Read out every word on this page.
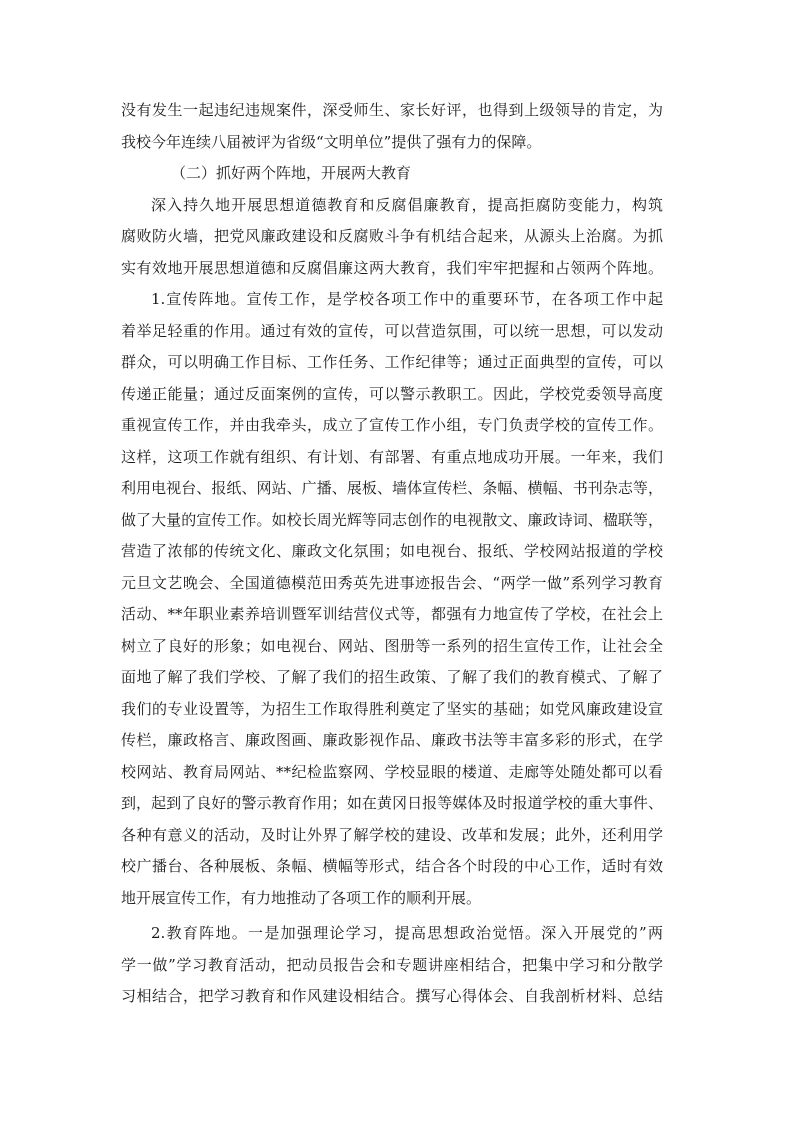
没有发生一起违纪违规案件，深受师生、家长好评，也得到上级领导的肯定，为
我校今年连续八届被评为省级“文明单位”提供了强有力的保障。
（二）抓好两个阵地，开展两大教育
深入持久地开展思想道德教育和反腐倡廉教育，提高拒腐防变能力，构筑
腐败防火墙，把党风廉政建设和反腐败斗争有机结合起来，从源头上治腐。为抓
实有效地开展思想道德和反腐倡廉这两大教育，我们牢牢把握和占领两个阵地。
1.宣传阵地。宣传工作，是学校各项工作中的重要环节，在各项工作中起
着举足轻重的作用。通过有效的宣传，可以营造氛围，可以统一思想，可以发动
群众，可以明确工作目标、工作任务、工作纪律等；通过正面典型的宣传，可以
传递正能量；通过反面案例的宣传，可以警示教职工。因此，学校党委领导高度
重视宣传工作，并由我牵头，成立了宣传工作小组，专门负责学校的宣传工作。
这样，这项工作就有组织、有计划、有部署、有重点地成功开展。一年来，我们
利用电视台、报纸、网站、广播、展板、墙体宣传栏、条幅、横幅、书刊杂志等，
做了大量的宣传工作。如校长周光辉等同志创作的电视散文、廉政诗词、楹联等，
营造了浓郁的传统文化、廉政文化氛围；如电视台、报纸、学校网站报道的学校
元旦文艺晚会、全国道德模范田秀英先进事迹报告会、“两学一做”系列学习教育
活动、**年职业素养培训暨军训结营仪式等，都强有力地宣传了学校，在社会上
树立了良好的形象；如电视台、网站、图册等一系列的招生宣传工作，让社会全
面地了解了我们学校、了解了我们的招生政策、了解了我们的教育模式、了解了
我们的专业设置等，为招生工作取得胜利奠定了坚实的基础；如党风廉政建设宣
传栏，廉政格言、廉政图画、廉政影视作品、廉政书法等丰富多彩的形式，在学
校网站、教育局网站、**纪检监察网、学校显眼的楼道、走廊等处随处都可以看
到，起到了良好的警示教育作用；如在黄冈日报等媒体及时报道学校的重大事件、
各种有意义的活动，及时让外界了解学校的建设、改革和发展；此外，还利用学
校广播台、各种展板、条幅、横幅等形式，结合各个时段的中心工作，适时有效
地开展宣传工作，有力地推动了各项工作的顺利开展。
2.教育阵地。一是加强理论学习，提高思想政治觉悟。深入开展党的”两
学一做”学习教育活动，把动员报告会和专题讲座相结合，把集中学习和分散学
习相结合，把学习教育和作风建设相结合。撰写心得体会、自我剖析材料、总结
